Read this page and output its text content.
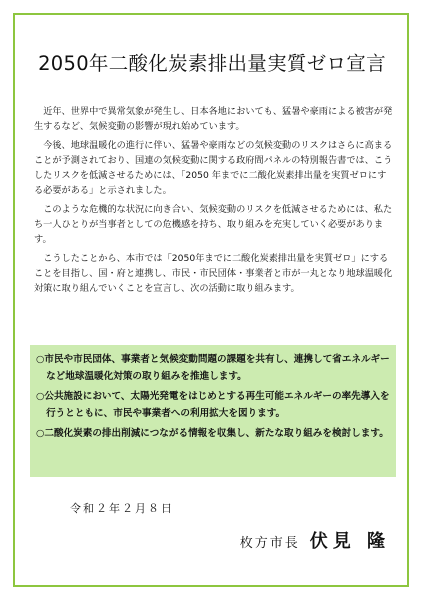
2050年二酸化炭素排出量実質ゼロ宣言

近年、世界中で異常気象が発生し、日本各地においても、猛暑や豪雨による被害が発生するなど、気候変動の影響が現れ始めています。

今後、地球温暖化の進行に伴い、猛暑や豪雨などの気候変動のリスクはさらに高まることが予測されており、国連の気候変動に関する政府間パネルの特別報告書では、こうしたリスクを低減させるためには、「2050 年までに二酸化炭素排出量を実質ゼロにする必要がある」と示されました。

このような危機的な状況に向き合い、気候変動のリスクを低減させるためには、私たち一人ひとりが当事者としての危機感を持ち、取り組みを充実していく必要があります。

こうしたことから、本市では「2050年までに二酸化炭素排出量を実質ゼロ」にすることを目指し、国・府と連携し、市民・市民団体・事業者と市が一丸となり地球温暖化対策に取り組んでいくことを宣言し、次の活動に取り組みます。

○市民や市民団体、事業者と気候変動問題の課題を共有し、連携して省エネルギーなど地球温暖化対策の取り組みを推進します。
○公共施設において、太陽光発電をはじめとする再生可能エネルギーの率先導入を行うとともに、市民や事業者への利用拡大を図ります。
○二酸化炭素の排出削減につながる情報を収集し、新たな取り組みを検討します。
令和２年２月８日
枚方市長 伏見 隆
